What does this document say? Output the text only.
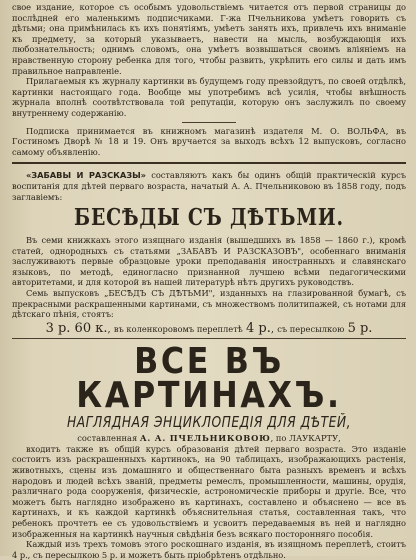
свое издание, которое съ особымъ удовольствіемъ читается отъ первой страницы до послѣдней его маленькимъ подписчиками. Г-жа Пчельникова умѣетъ говорить съ дѣтьми; она примѣнилась къ ихъ понятіямъ, умѣетъ занять ихъ, привлечь ихъ вниманіе къ предмету, за который указываетъ, навести на мысль, возбуждающія ихъ любознательность; однимъ словомъ, она умѣетъ возвышаться своимъ вліяніемъ на нравственную сторону ребенка для того, чтобы развить, укрѣпить его силы и дать имъ правильное направленіе.

Прилагаемыя къ журналу картинки въ будущемъ году превзойдутъ, по своей отдѣлкѣ, картинки настоящаго года. Вообще мы употребимъ всѣ усилія, чтобы внѣшность журнала вполнѣ соотвѣтствовала той репутаціи, которую онъ заслужилъ по своему внутреннему содержанію.

Подписка принимается въ книжномъ магазинѣ издателя М. О. ВОЛЬФА, въ Гостиномъ Дворѣ № 18 и 19. Онъ вручается за выходъ всѣхъ 12 выпусковъ, согласно самому объявленію.

«ЗАБАВЫ И РАЗСКАЗЫ» составляютъ какъ бы одинъ общій практическій курсъ воспитанія для дѣтей перваго возраста, начатый А. А. Пчельниковою въ 1858 году, подъ заглавіемъ:

БЕСѢДЫ СЪ ДѢТЬМИ.

Въ семи книжкахъ этого изящнаго изданія (вышедшихъ въ 1858 — 1860 г.), кромѣ статей, однородныхъ съ статьями „ЗАБАВЪ И РАЗСКАЗОВЪ", особеннаго вниманія заслуживаютъ первые образцовые уроки преподаванія иностранныхъ и славянскаго языковъ, по методѣ, единогласно признанной лучшею всѣми педагогическими авторитетами, и для которой въ нашей литературѣ нѣтъ другихъ руководствъ.

Семь выпусковъ „БЕСѢДЪ СЪ ДѢТЬМИ", изданныхъ на глазированной бумагѣ, съ прекрасными раскрашенными картинами, съ множествомъ политипажей, съ нотами для дѣтскаго пѣнія, стоятъ:

3 р. 60 к., въ коленкоровомъ переплетѣ 4 р., съ пересылкою 5 р.

ВСЕ ВЪ КАРТИНАХЪ.
НАГЛЯДНАЯ ЭНЦИКЛОПЕДІЯ ДЛЯ ДѢТЕЙ,

составленная А. А. ПЧЕЛЬНИКОВОЮ, по ЛАУКАРТУ,

входитъ также въ общій курсъ образованія дѣтей перваго возраста. Это изданіе состоитъ изъ раскрашенныхъ картинокъ, на 90 таблицахъ, изображающихъ растенія, животныхъ, сцены изъ домашняго и общественнаго быта разныхъ временъ и всѣхъ народовъ и людей всѣхъ званій, предметы ремеслъ, промышленности, машины, орудія, различнаго рода сооруженія, физическіе, астрономическіе приборы и другіе. Все, что можетъ быть наглядно изображено въ картинахъ, составлено и объяснено — все въ картинахъ, и къ каждой картинкѣ объяснительная статья, составленная такъ, что ребенокъ прочтетъ ее съ удовольствіемъ и усвоитъ передаваемыя въ ней и наглядно изображенныя на картинкѣ научныя свѣдѣнія безъ всякаго посторонняго пособія.

Каждый изъ трехъ томовъ этого роскошнаго изданія, въ изящномъ переплетѣ, стоитъ 4 р., съ пересылкою 5 р. и можетъ быть пріобрѣтенъ отдѣльно.
